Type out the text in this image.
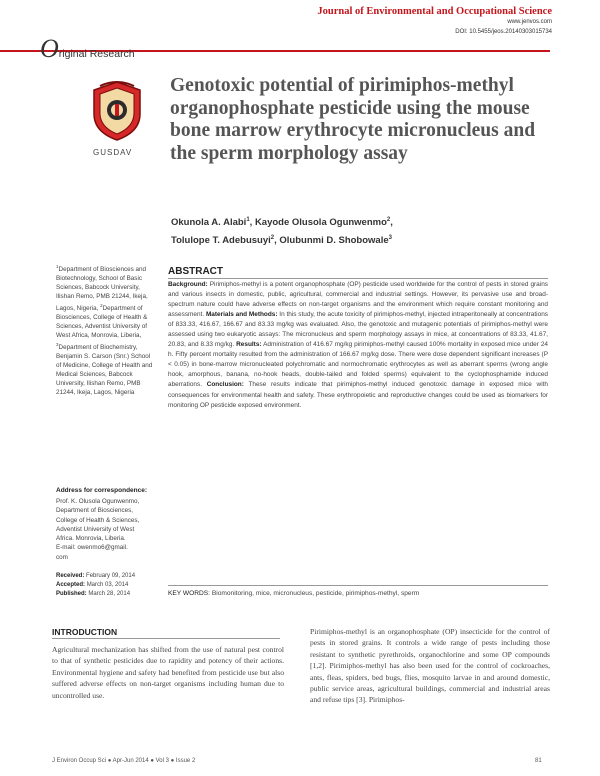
Journal of Environmental and Occupational Science
www.jenvos.com
DOI: 10.5455/jeos.20140303015734
Original Research
GUSDAV
Genotoxic potential of pirimiphos-methyl organophosphate pesticide using the mouse bone marrow erythrocyte micronucleus and the sperm morphology assay
Okunola A. Alabi$^1$, Kayode Olusola Ogunwenmo$^2$,
Tolulope T. Adebusuyi$^2$, Olubunmi D. Shobowale$^3$
$^1$Department of Biosciences and Biotechnology, School of Basic Sciences, Babcock University, Ilishan Remo, PMB 21244, Ikeja, Lagos, Nigeria, $^2$Department of Biosciences, College of Health & Sciences, Adventist University of West Africa, Monrovia, Liberia, $^3$Department of Biochemistry, Benjamin S. Carson (Snr.) School of Medicine, College of Health and Medical Sciences, Babcock University, Ilishan Remo, PMB 21244, Ikeja, Lagos, Nigeria
Address for correspondence:
Prof. K. Olusola Ogunwenmo,
Department of Biosciences,
College of Health & Sciences,
Adventist University of West
Africa. Monrovia, Liberia.
E-mail: owenmo6@gmail.
com
Received: February 09, 2014
Accepted: March 03, 2014
Published: March 28, 2014
ABSTRACT
Background: Pirimiphos-methyl is a potent organophosphate (OP) pesticide used worldwide for the control of pests in stored grains and various insects in domestic, public, agricultural, commercial and industrial settings. However, its pervasive use and broad-spectrum nature could have adverse effects on non-target organisms and the environment which require constant monitoring and assessment. Materials and Methods: In this study, the acute toxicity of pirimiphos-methyl, injected intraperitoneally at concentrations of 833.33, 416.67, 166.67 and 83.33 mg/kg was evaluated. Also, the genotoxic and mutagenic potentials of pirimiphos-methyl were assessed using two eukaryotic assays: The micronucleus and sperm morphology assays in mice, at concentrations of 83.33, 41.67, 20.83, and 8.33 mg/kg. Results: Administration of 416.67 mg/kg pirimiphos-methyl caused 100% mortality in exposed mice under 24 h. Fifty percent mortality resulted from the administration of 166.67 mg/kg dose. There were dose dependent significant increases (P < 0.05) in bone-marrow micronucleated polychromatic and normochromatic erythrocytes as well as aberrant sperms (wrong angle hook, amorphous, banana, no-hook heads, double-tailed and folded sperms) equivalent to the cyclophosphamide induced aberrations. Conclusion: These results indicate that pirimiphos-methyl induced genotoxic damage in exposed mice with consequences for environmental health and safety. These erythropoietic and reproductive changes could be used as biomarkers for monitoring OP pesticide exposed environment.
KEY WORDS: Biomonitoring, mice, micronucleus, pesticide, pirimiphos-methyl, sperm
INTRODUCTION

Agricultural mechanization has shifted from the use of natural pest control to that of synthetic pesticides due to rapidity and potency of their actions. Environmental hygiene and safety had benefited from pesticide use but also suffered adverse effects on non-target organisms including human due to uncontrolled use.

Pirimiphos-methyl is an organophosphate (OP) insecticide for the control of pests in stored grains. It controls a wide range of pests including those resistant to synthetic pyrethroids, organochlorine and some OP compounds [1,2]. Pirimiphos-methyl has also been used for the control of cockroaches, ants, fleas, spiders, bed bugs, flies, mosquito larvae in and around domestic, public service areas, agricultural buildings, commercial and industrial areas and refuse tips [3]. Pirimiphos-

J Environ Occup Sci ● Apr-Jun 2014 ● Vol 3 ● Issue 2	81
